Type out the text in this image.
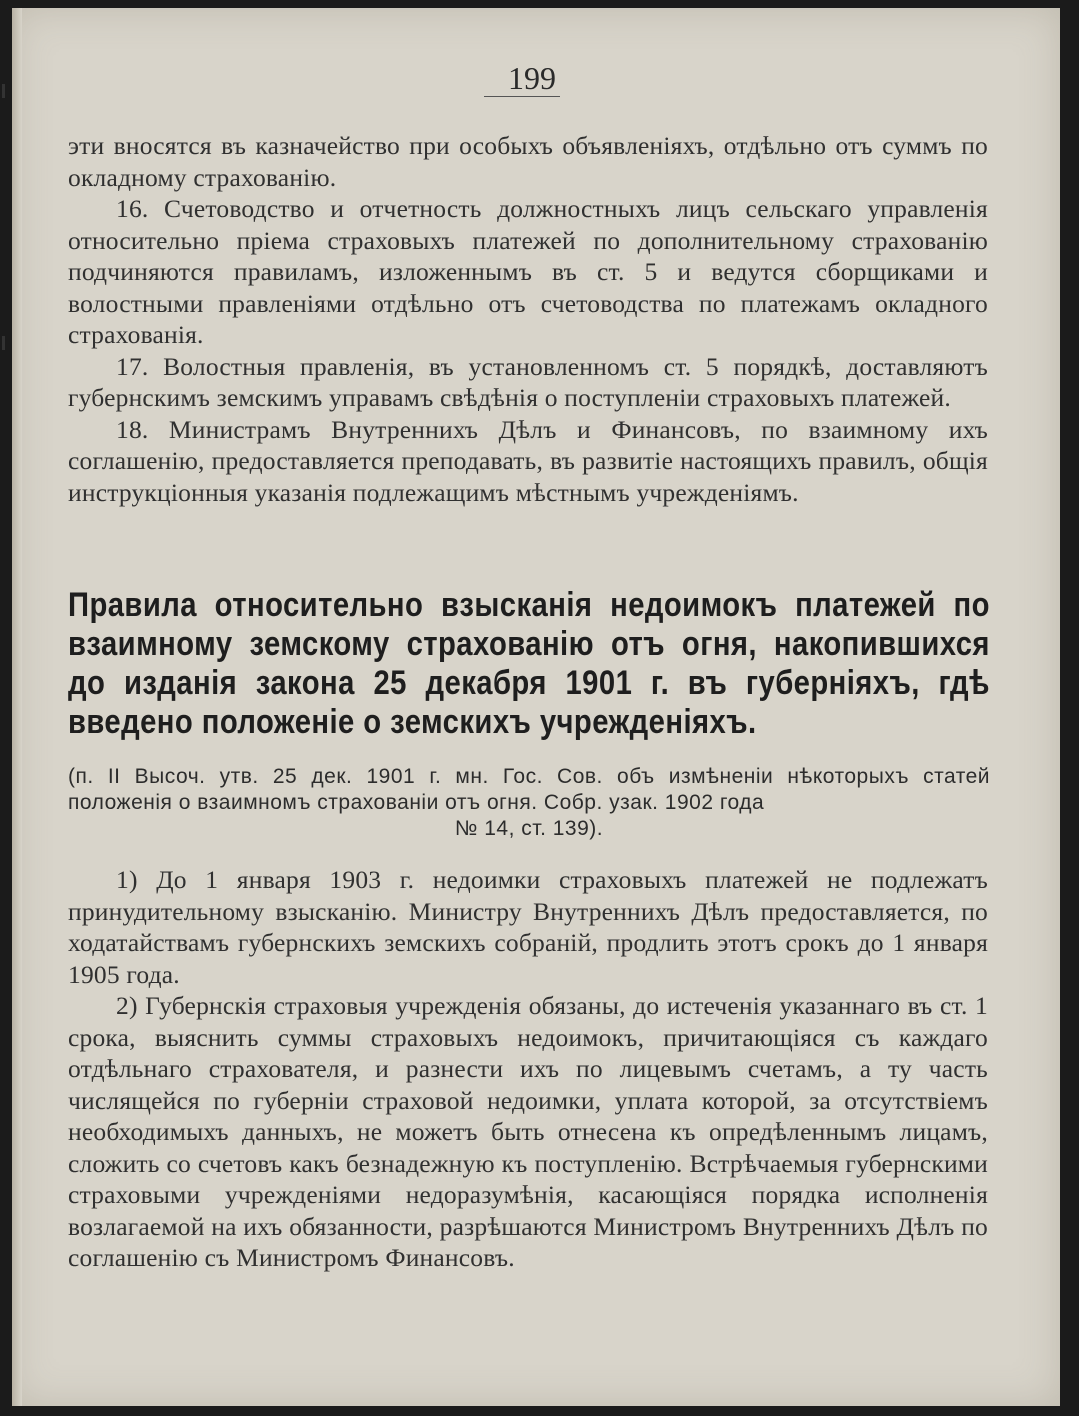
199

эти вносятся въ казначейство при особыхъ объявленіяхъ, отдѣльно отъ суммъ по окладному страхованію.

16. Счетоводство и отчетность должностныхъ лицъ сельскаго управленія относительно пріема страховыхъ платежей по дополнительному страхованію подчиняются правиламъ, изложеннымъ въ ст. 5 и ведутся сборщиками и волостными правленіями отдѣльно отъ счетоводства по платежамъ окладного страхованія.

17. Волостныя правленія, въ установленномъ ст. 5 порядкѣ, доставляютъ губернскимъ земскимъ управамъ свѣдѣнія о поступленіи страховыхъ платежей.

18. Министрамъ Внутреннихъ Дѣлъ и Финансовъ, по взаимному ихъ соглашенію, предоставляется преподавать, въ развитіе настоящихъ правилъ, общія инструкціонныя указанія подлежащимъ мѣстнымъ учрежденіямъ.

Правила относительно взысканія недоимокъ платежей по взаимному земскому страхованію отъ огня, накопившихся до изданія закона 25 декабря 1901 г. въ губерніяхъ, гдѣ введено положеніе о земскихъ учрежденіяхъ.
(п. II Высоч. утв. 25 дек. 1901 г. мн. Гос. Сов. объ измѣненіи нѣкоторыхъ статей положенія о взаимномъ страхованіи отъ огня. Собр. узак. 1902 года
№ 14, ст. 139).

1) До 1 января 1903 г. недоимки страховыхъ платежей не подлежатъ принудительному взысканію. Министру Внутреннихъ Дѣлъ предоставляется, по ходатайствамъ губернскихъ земскихъ собраній, продлить этотъ срокъ до 1 января 1905 года.

2) Губернскія страховыя учрежденія обязаны, до истеченія указаннаго въ ст. 1 срока, выяснить суммы страховыхъ недоимокъ, причитающіяся съ каждаго отдѣльнаго страхователя, и разнести ихъ по лицевымъ счетамъ, а ту часть числящейся по губерніи страховой недоимки, уплата которой, за отсутствіемъ необходимыхъ данныхъ, не можетъ быть отнесена къ опредѣленнымъ лицамъ, сложить со счетовъ какъ безнадежную къ поступленію. Встрѣчаемыя губернскими страховыми учрежденіями недоразумѣнія, касающіяся порядка исполненія возлагаемой на ихъ обязанности, разрѣшаются Министромъ Внутреннихъ Дѣлъ по соглашенію съ Министромъ Финансовъ.
